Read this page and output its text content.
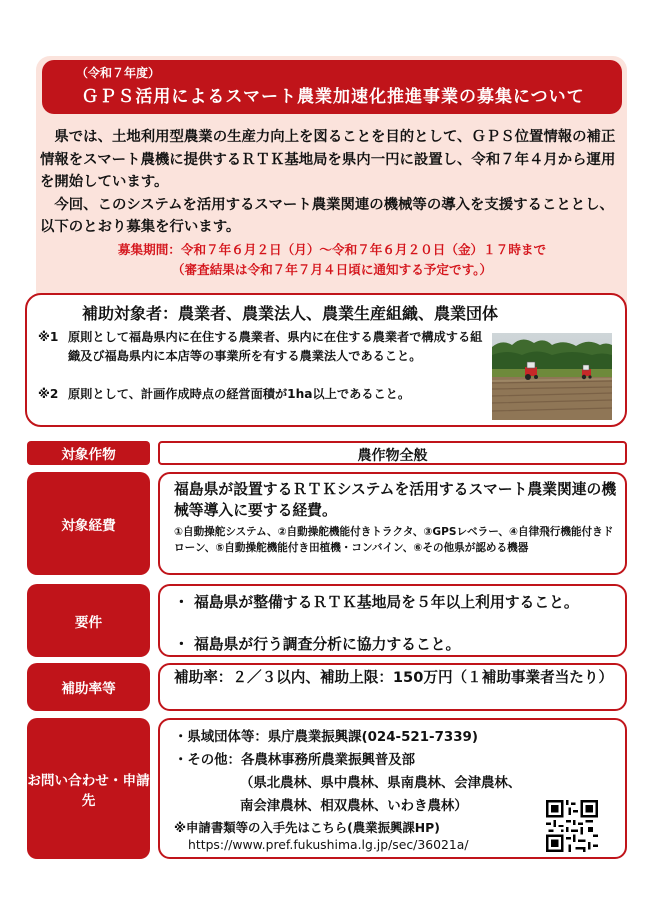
（令和７年度）
ＧＰＳ活用によるスマート農業加速化推進事業の募集について

　県では、土地利用型農業の生産力向上を図ることを目的として、ＧＰＳ位置情報の補正情報をスマート農機に提供するＲＴＫ基地局を県内一円に設置し、令和７年４月から運用を開始しています。

　今回、このシステムを活用するスマート農業関連の機械等の導入を支援することとし、以下のとおり募集を行います。

募集期間：令和７年６月２日（月）～令和７年６月２０日（金）１７時まで
（審査結果は令和７年７月４日頃に通知する予定です。）
補助対象者：農業者、農業法人、農業生産組織、農業団体
※1 原則として福島県内に在住する農業者、県内に在住する農業者で構成する組織及び福島県内に本店等の事業所を有する農業法人であること。
※2 原則として、計画作成時点の経営面積が1ha以上であること。
対象作物	農作物全般
対象経費
福島県が設置するＲＴＫシステムを活用するスマート農業関連の機械等導入に要する経費。
①自動操舵システム、②自動操舵機能付きトラクタ、③GPSレベラー、④自律飛行機能付きドローン、⑤自動操舵機能付き田植機・コンバイン、⑥その他県が認める機器
要件
・ 福島県が整備するＲＴＫ基地局を５年以上利用すること。
・ 福島県が行う調査分析に協力すること。
補助率等
補助率：２／３以内、補助上限：150万円（１補助事業者当たり）
お問い合わせ・申請先
・県域団体等：県庁農業振興課(024-521-7339)
・その他：各農林事務所農業振興普及部
（県北農林、県中農林、県南農林、会津農林、
南会津農林、相双農林、いわき農林）
※申請書類等の入手先はこちら(農業振興課HP)
https://www.pref.fukushima.lg.jp/sec/36021a/
